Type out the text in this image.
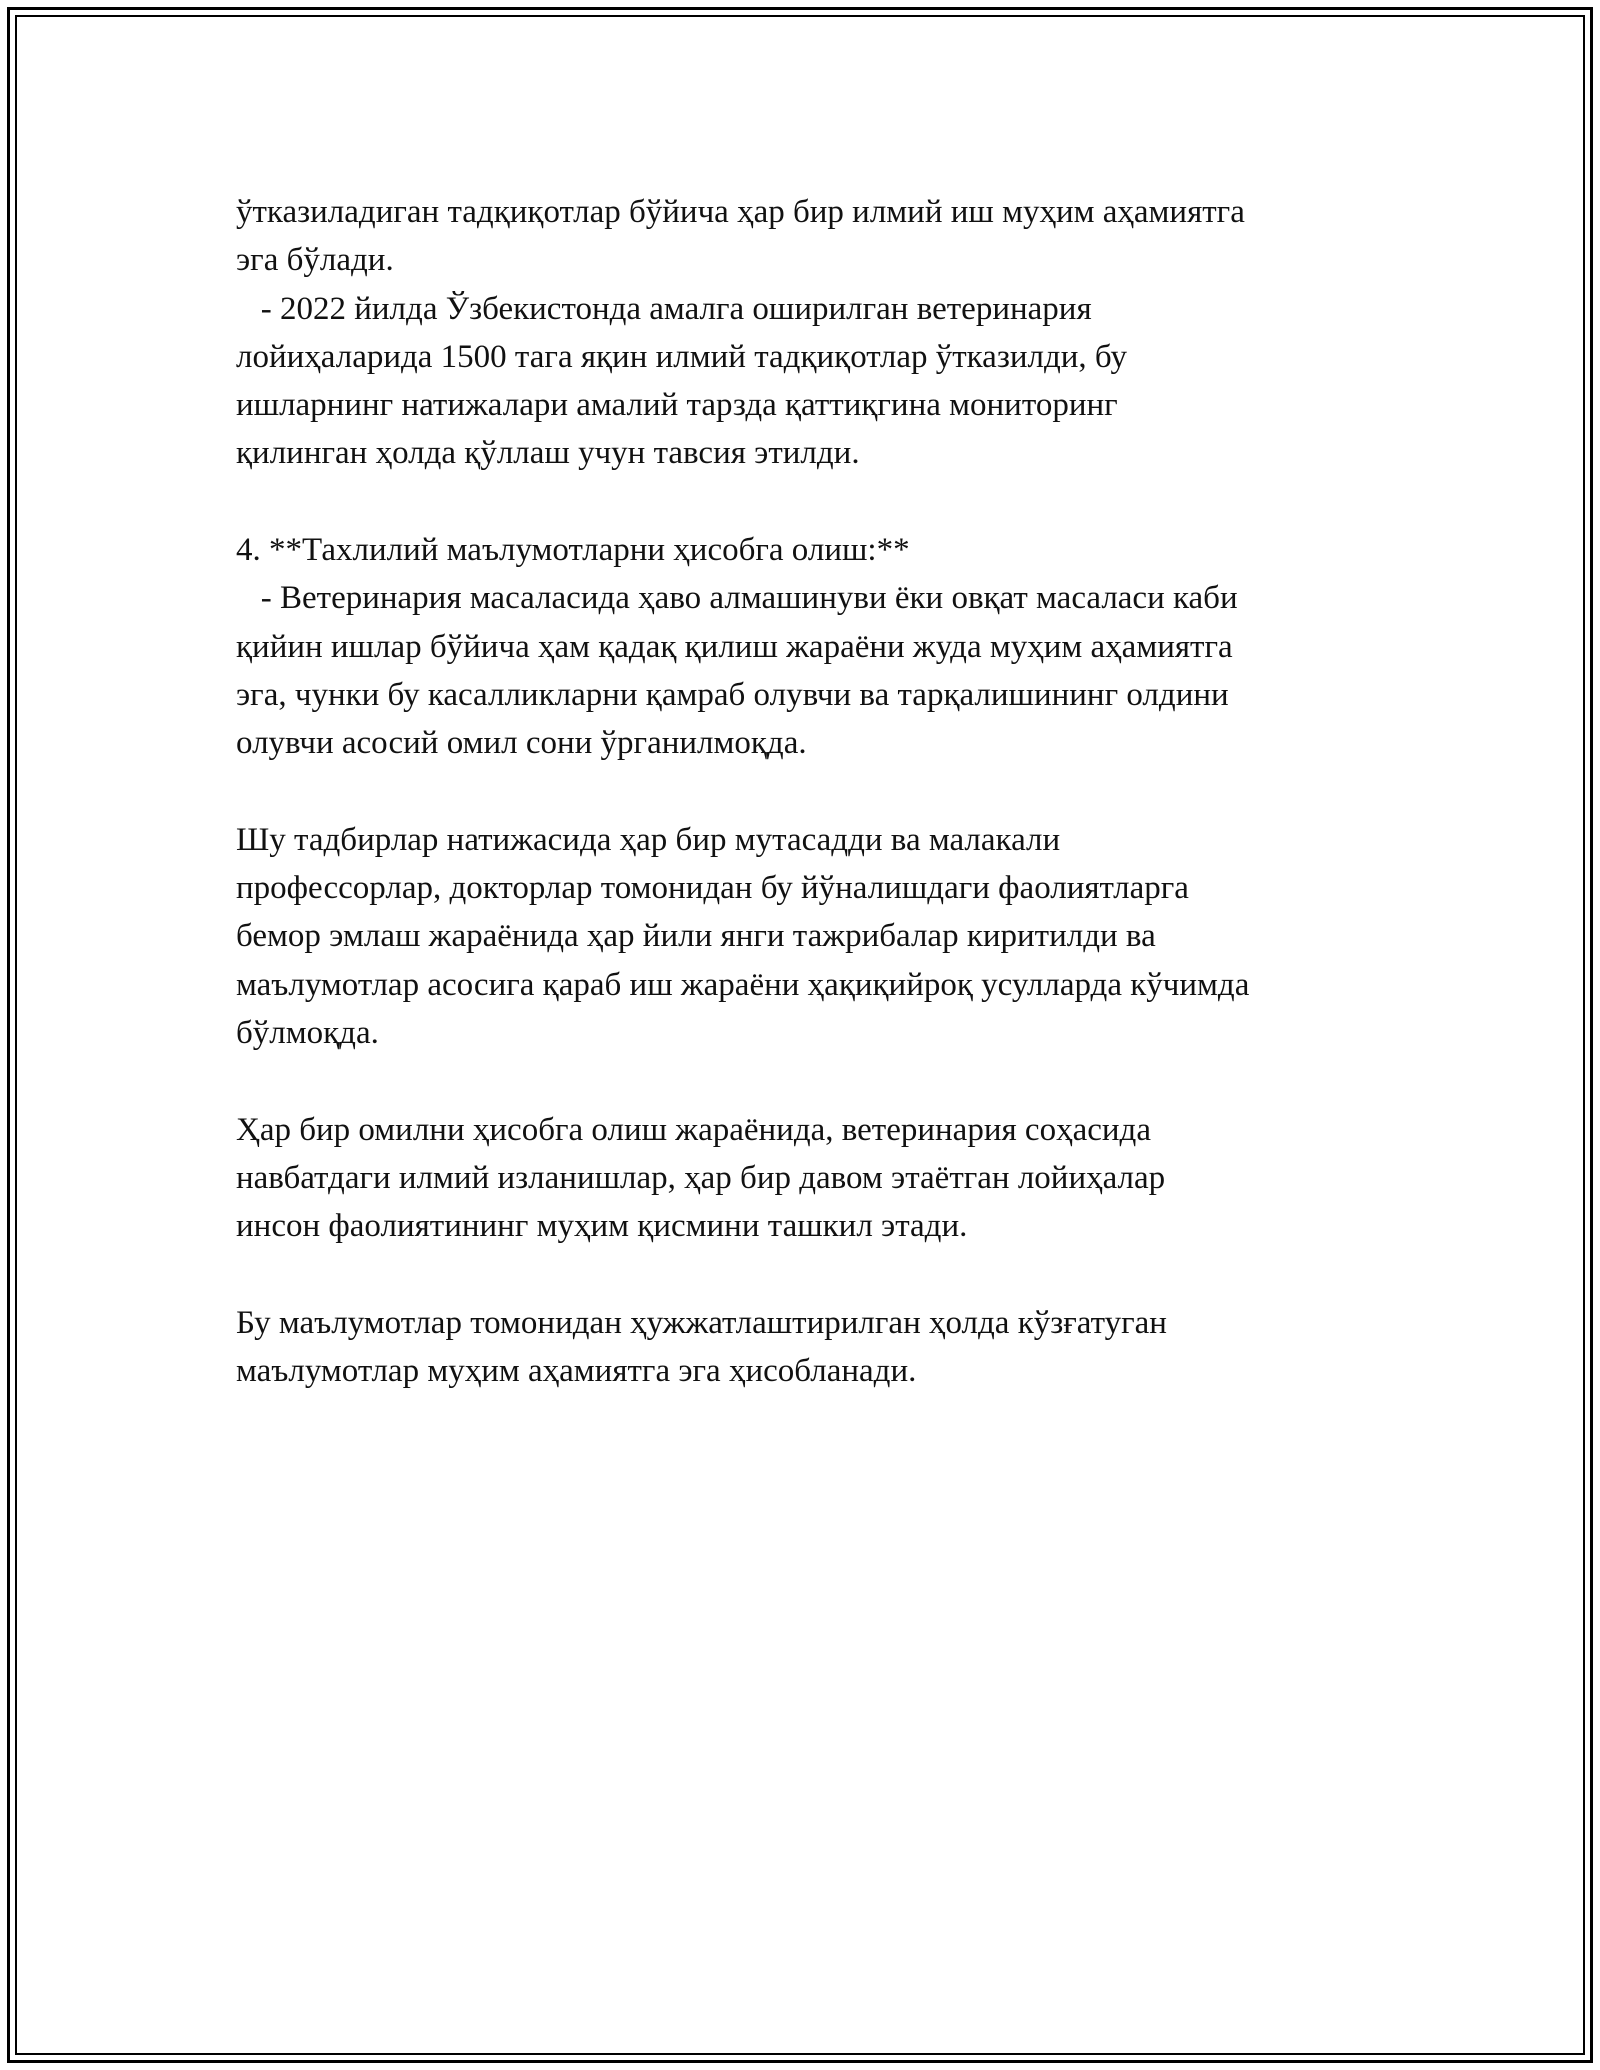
ўтказиладиган тадқиқотлар бўйича ҳар бир илмий иш муҳим аҳамиятга
эга бўлади.
- 2022 йилда Ўзбекистонда амалга оширилган ветеринария
лойиҳаларида 1500 тага яқин илмий тадқиқотлар ўтказилди, бу
ишларнинг натижалари амалий тарзда қаттиқгина мониторинг
қилинган ҳолда қўллаш учун тавсия этилди.
4. **Тахлилий маълумотларни ҳисобга олиш:**
- Ветеринария масаласида ҳаво алмашинуви ёки овқат масаласи каби
қийин ишлар бўйича ҳам қадақ қилиш жараёни жуда муҳим аҳамиятга
эга, чунки бу касалликларни қамраб олувчи ва тарқалишининг олдини
олувчи асосий омил сони ўрганилмоқда.
Шу тадбирлар натижасида ҳар бир мутасадди ва малакали
профессорлар, докторлар томонидан бу йўналишдаги фаолиятларга
бемор эмлаш жараёнида ҳар йили янги тажрибалар киритилди ва
маълумотлар асосига қараб иш жараёни ҳақиқийроқ усулларда кўчимда
бўлмоқда.
Ҳар бир омилни ҳисобга олиш жараёнида, ветеринария соҳасида
навбатдаги илмий изланишлар, ҳар бир давом этаётган лойиҳалар
инсон фаолиятининг муҳим қисмини ташкил этади.
Бу маълумотлар томонидан ҳужжатлаштирилган ҳолда кўзғатуган
маълумотлар муҳим аҳамиятга эга ҳисобланади.
